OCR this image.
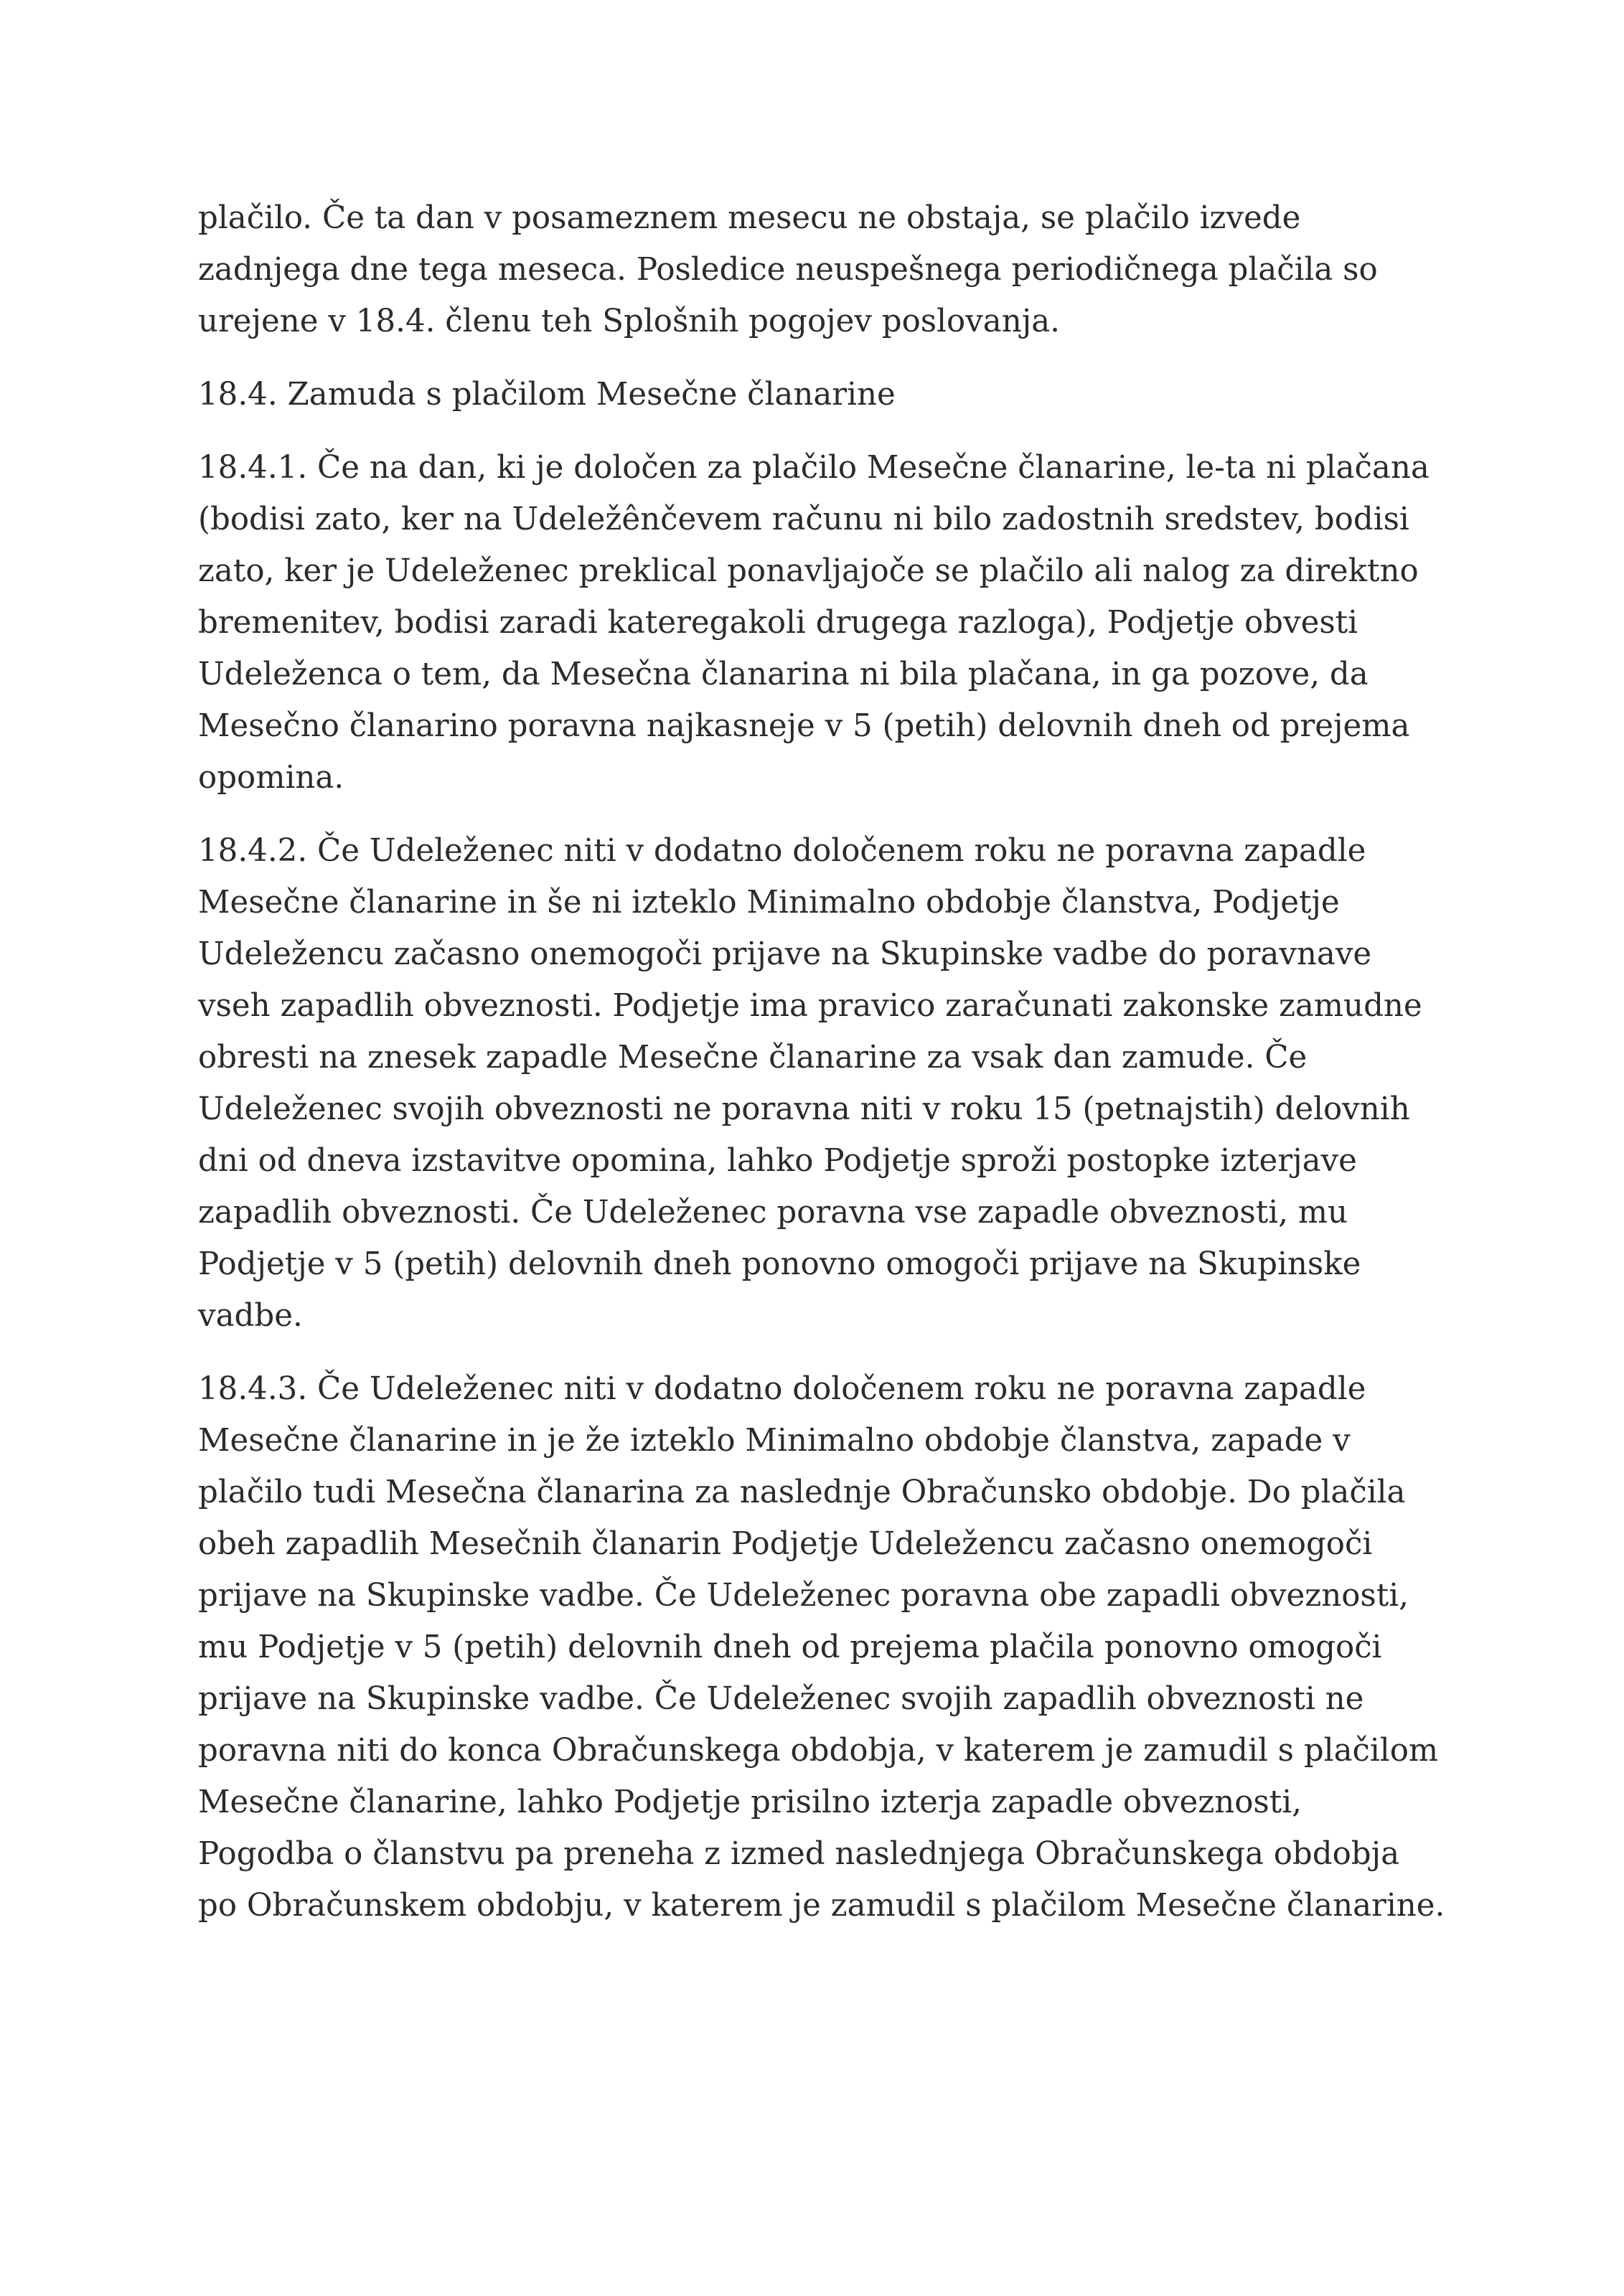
plačilo. Če ta dan v posameznem mesecu ne obstaja, se plačilo izvede zadnjega dne tega meseca. Posledice neuspešnega periodičnega plačila so urejene v 18.4. členu teh Splošnih pogojev poslovanja.

18.4. Zamuda s plačilom Mesečne članarine

18.4.1. Če na dan, ki je določen za plačilo Mesečne članarine, le-ta ni plačana (bodisi zato, ker na Udeležênčevem računu ni bilo zadostnih sredstev, bodisi zato, ker je Udeleženec preklical ponavljajoče se plačilo ali nalog za direktno bremenitev, bodisi zaradi kateregakoli drugega razloga), Podjetje obvesti Udeleženca o tem, da Mesečna članarina ni bila plačana, in ga pozove, da Mesečno članarino poravna najkasneje v 5 (petih) delovnih dneh od prejema opomina.

18.4.2. Če Udeleženec niti v dodatno določenem roku ne poravna zapadle Mesečne članarine in še ni izteklo Minimalno obdobje članstva, Podjetje Udeležencu začasno onemogoči prijave na Skupinske vadbe do poravnave vseh zapadlih obveznosti. Podjetje ima pravico zaračunati zakonske zamudne obresti na znesek zapadle Mesečne članarine za vsak dan zamude. Če Udeleženec svojih obveznosti ne poravna niti v roku 15 (petnajstih) delovnih dni od dneva izstavitve opomina, lahko Podjetje sproži postopke izterjave zapadlih obveznosti. Če Udeleženec poravna vse zapadle obveznosti, mu Podjetje v 5 (petih) delovnih dneh ponovno omogoči prijave na Skupinske vadbe.

18.4.3. Če Udeleženec niti v dodatno določenem roku ne poravna zapadle Mesečne članarine in je že izteklo Minimalno obdobje članstva, zapade v plačilo tudi Mesečna članarina za naslednje Obračunsko obdobje. Do plačila obeh zapadlih Mesečnih članarin Podjetje Udeležencu začasno onemogoči prijave na Skupinske vadbe. Če Udeleženec poravna obe zapadli obveznosti, mu Podjetje v 5 (petih) delovnih dneh od prejema plačila ponovno omogoči prijave na Skupinske vadbe. Če Udeleženec svojih zapadlih obveznosti ne poravna niti do konca Obračunskega obdobja, v katerem je zamudil s plačilom Mesečne članarine, lahko Podjetje prisilno izterja zapadle obveznosti, Pogodba o članstvu pa preneha z izmed naslednjega Obračunskega obdobja po Obračunskem obdobju, v katerem je zamudil s plačilom Mesečne članarine.
